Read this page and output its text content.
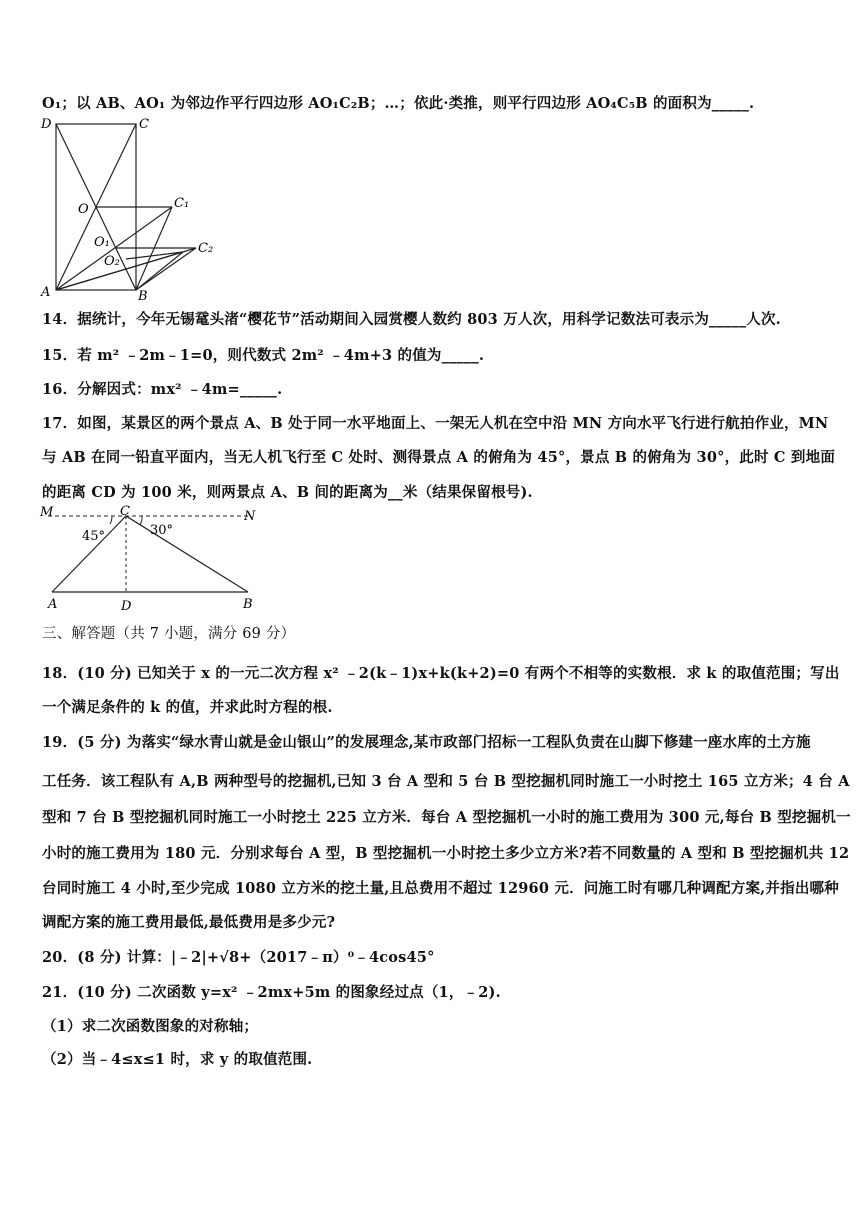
O₁；以 AB、AO₁ 为邻边作平行四边形 AO₁C₂B；…；依此·类推，则平行四边形 AO₄C₅B 的面积为_____.
D	C
O	C₁
O₁	C₂
O₂
A	B
14．据统计，今年无锡鼋头渚“樱花节”活动期间入园赏樱人数约 803 万人次，用科学记数法可表示为_____人次.
15．若 m² ﹣2m﹣1=0，则代数式 2m² ﹣4m+3 的值为_____.
16．分解因式：mx² ﹣4m=_____.
17．如图，某景区的两个景点 A、B 处于同一水平地面上、一架无人机在空中沿 MN 方向水平飞行进行航拍作业，MN
与 AB 在同一铅直平面内，当无人机飞行至 C 处时、测得景点 A 的俯角为 45°，景点 B 的俯角为 30°，此时 C 到地面
的距离 CD 为 100 米，则两景点 A、B 间的距离为__米（结果保留根号).
M	C	N
45°	30°
A	D	B
三、解答题（共 7 小题，满分 69 分）
18．(10 分) 已知关于 x 的一元二次方程 x² ﹣2(k﹣1)x+k(k+2)=0 有两个不相等的实数根．求 k 的取值范围；写出
一个满足条件的 k 的值，并求此时方程的根.
19．(5 分) 为落实“绿水青山就是金山银山”的发展理念,某市政部门招标一工程队负责在山脚下修建一座水库的土方施
工任务．该工程队有 A,B 两种型号的挖掘机,已知 3 台 A 型和 5 台 B 型挖掘机同时施工一小时挖土 165 立方米；4 台 A
型和 7 台 B 型挖掘机同时施工一小时挖土 225 立方米．每台 A 型挖掘机一小时的施工费用为 300 元,每台 B 型挖掘机一
小时的施工费用为 180 元．分别求每台 A 型，B 型挖掘机一小时挖土多少立方米?若不同数量的 A 型和 B 型挖掘机共 12
台同时施工 4 小时,至少完成 1080 立方米的挖土量,且总费用不超过 12960 元．问施工时有哪几种调配方案,并指出哪种
调配方案的施工费用最低,最低费用是多少元?
20．(8 分) 计算：|﹣2|+√8+（2017﹣π）⁰﹣4cos45°
21．(10 分) 二次函数 y=x² ﹣2mx+5m 的图象经过点（1，﹣2).
（1）求二次函数图象的对称轴；
（2）当﹣4≤x≤1 时，求 y 的取值范围.
